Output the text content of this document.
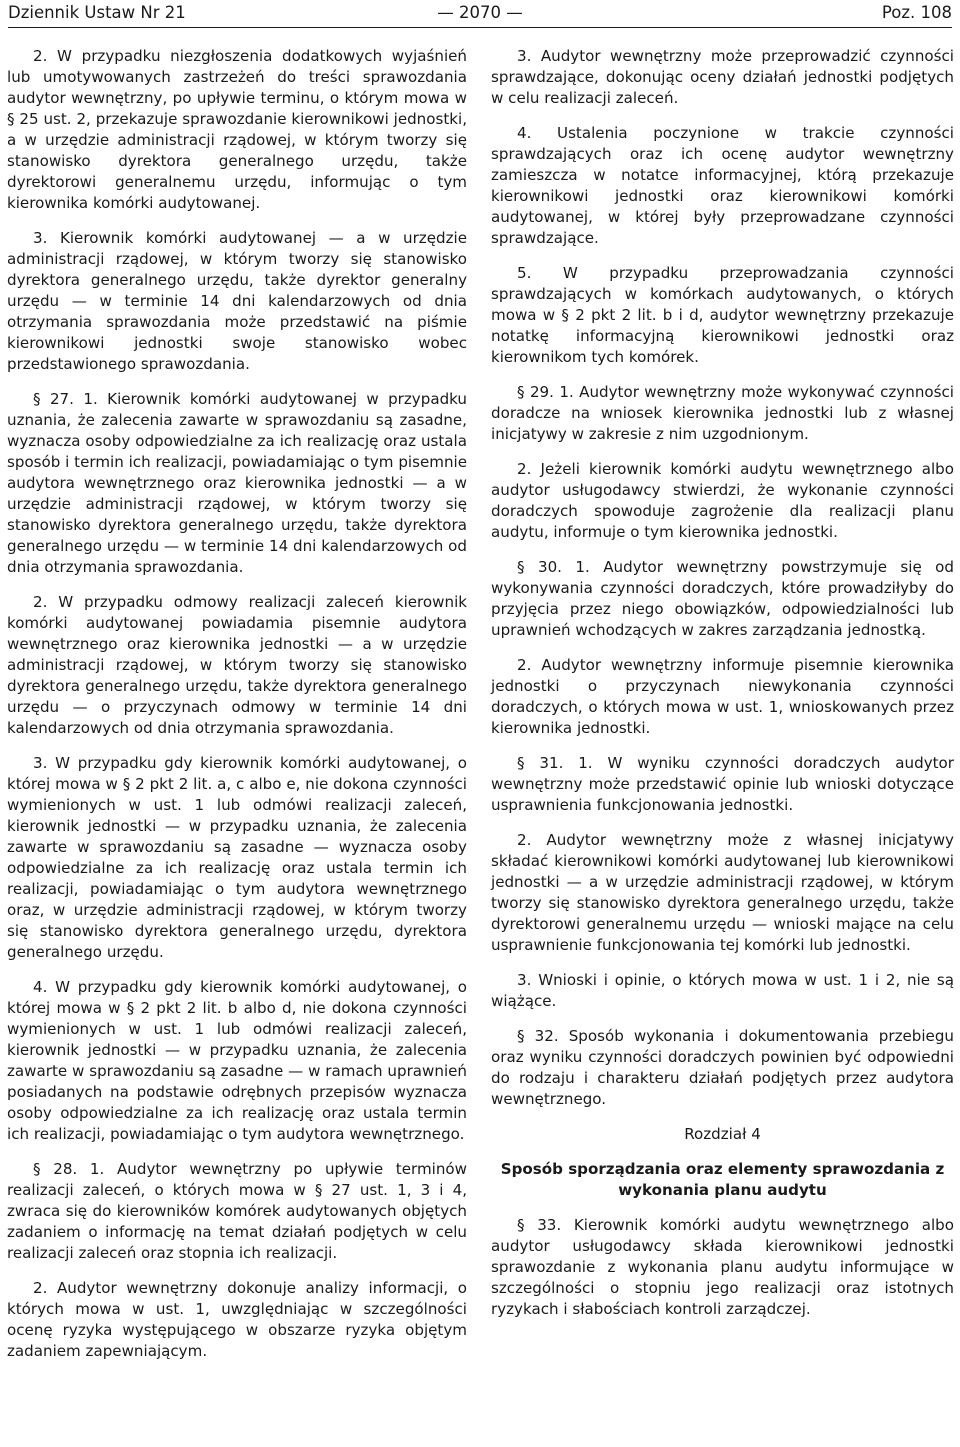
Dziennik Ustaw Nr 21	— 2070 —	Poz. 108

2. W przypadku niezgłoszenia dodatkowych wyjaśnień lub umotywowanych zastrzeżeń do treści sprawozdania audytor wewnętrzny, po upływie terminu, o którym mowa w § 25 ust. 2, przekazuje sprawozdanie kierownikowi jednostki, a w urzędzie administracji rządowej, w którym tworzy się stanowisko dyrektora generalnego urzędu, także dyrektorowi generalnemu urzędu, informując o tym kierownika komórki audytowanej.

3. Kierownik komórki audytowanej — a w urzędzie administracji rządowej, w którym tworzy się stanowisko dyrektora generalnego urzędu, także dyrektor generalny urzędu — w terminie 14 dni kalendarzowych od dnia otrzymania sprawozdania może przedstawić na piśmie kierownikowi jednostki swoje stanowisko wobec przedstawionego sprawozdania.

§ 27. 1. Kierownik komórki audytowanej w przypadku uznania, że zalecenia zawarte w sprawozdaniu są zasadne, wyznacza osoby odpowiedzialne za ich realizację oraz ustala sposób i termin ich realizacji, powiadamiając o tym pisemnie audytora wewnętrznego oraz kierownika jednostki — a w urzędzie administracji rządowej, w którym tworzy się stanowisko dyrektora generalnego urzędu, także dyrektora generalnego urzędu — w terminie 14 dni kalendarzowych od dnia otrzymania sprawozdania.

2. W przypadku odmowy realizacji zaleceń kierownik komórki audytowanej powiadamia pisemnie audytora wewnętrznego oraz kierownika jednostki — a w urzędzie administracji rządowej, w którym tworzy się stanowisko dyrektora generalnego urzędu, także dyrektora generalnego urzędu — o przyczynach odmowy w terminie 14 dni kalendarzowych od dnia otrzymania sprawozdania.

3. W przypadku gdy kierownik komórki audytowanej, o której mowa w § 2 pkt 2 lit. a, c albo e, nie dokona czynności wymienionych w ust. 1 lub odmówi realizacji zaleceń, kierownik jednostki — w przypadku uznania, że zalecenia zawarte w sprawozdaniu są zasadne — wyznacza osoby odpowiedzialne za ich realizację oraz ustala termin ich realizacji, powiadamiając o tym audytora wewnętrznego oraz, w urzędzie administracji rządowej, w którym tworzy się stanowisko dyrektora generalnego urzędu, dyrektora generalnego urzędu.

4. W przypadku gdy kierownik komórki audytowanej, o której mowa w § 2 pkt 2 lit. b albo d, nie dokona czynności wymienionych w ust. 1 lub odmówi realizacji zaleceń, kierownik jednostki — w przypadku uznania, że zalecenia zawarte w sprawozdaniu są zasadne — w ramach uprawnień posiadanych na podstawie odrębnych przepisów wyznacza osoby odpowiedzialne za ich realizację oraz ustala termin ich realizacji, powiadamiając o tym audytora wewnętrznego.

§ 28. 1. Audytor wewnętrzny po upływie terminów realizacji zaleceń, o których mowa w § 27 ust. 1, 3 i 4, zwraca się do kierowników komórek audytowanych objętych zadaniem o informację na temat działań podjętych w celu realizacji zaleceń oraz stopnia ich realizacji.

2. Audytor wewnętrzny dokonuje analizy informacji, o których mowa w ust. 1, uwzględniając w szczególności ocenę ryzyka występującego w obszarze ryzyka objętym zadaniem zapewniającym.

3. Audytor wewnętrzny może przeprowadzić czynności sprawdzające, dokonując oceny działań jednostki podjętych w celu realizacji zaleceń.

4. Ustalenia poczynione w trakcie czynności sprawdzających oraz ich ocenę audytor wewnętrzny zamieszcza w notatce informacyjnej, którą przekazuje kierownikowi jednostki oraz kierownikowi komórki audytowanej, w której były przeprowadzane czynności sprawdzające.

5. W przypadku przeprowadzania czynności sprawdzających w komórkach audytowanych, o których mowa w § 2 pkt 2 lit. b i d, audytor wewnętrzny przekazuje notatkę informacyjną kierownikowi jednostki oraz kierownikom tych komórek.

§ 29. 1. Audytor wewnętrzny może wykonywać czynności doradcze na wniosek kierownika jednostki lub z własnej inicjatywy w zakresie z nim uzgodnionym.

2. Jeżeli kierownik komórki audytu wewnętrznego albo audytor usługodawcy stwierdzi, że wykonanie czynności doradczych spowoduje zagrożenie dla realizacji planu audytu, informuje o tym kierownika jednostki.

§ 30. 1. Audytor wewnętrzny powstrzymuje się od wykonywania czynności doradczych, które prowadziłyby do przyjęcia przez niego obowiązków, odpowiedzialności lub uprawnień wchodzących w zakres zarządzania jednostką.

2. Audytor wewnętrzny informuje pisemnie kierownika jednostki o przyczynach niewykonania czynności doradczych, o których mowa w ust. 1, wnioskowanych przez kierownika jednostki.

§ 31. 1. W wyniku czynności doradczych audytor wewnętrzny może przedstawić opinie lub wnioski dotyczące usprawnienia funkcjonowania jednostki.

2. Audytor wewnętrzny może z własnej inicjatywy składać kierownikowi komórki audytowanej lub kierownikowi jednostki — a w urzędzie administracji rządowej, w którym tworzy się stanowisko dyrektora generalnego urzędu, także dyrektorowi generalnemu urzędu — wnioski mające na celu usprawnienie funkcjonowania tej komórki lub jednostki.

3. Wnioski i opinie, o których mowa w ust. 1 i 2, nie są wiążące.

§ 32. Sposób wykonania i dokumentowania przebiegu oraz wyniku czynności doradczych powinien być odpowiedni do rodzaju i charakteru działań podjętych przez audytora wewnętrznego.

Rozdział 4

Sposób sporządzania oraz elementy sprawozdania z wykonania planu audytu

§ 33. Kierownik komórki audytu wewnętrznego albo audytor usługodawcy składa kierownikowi jednostki sprawozdanie z wykonania planu audytu informujące w szczególności o stopniu jego realizacji oraz istotnych ryzykach i słabościach kontroli zarządczej.
